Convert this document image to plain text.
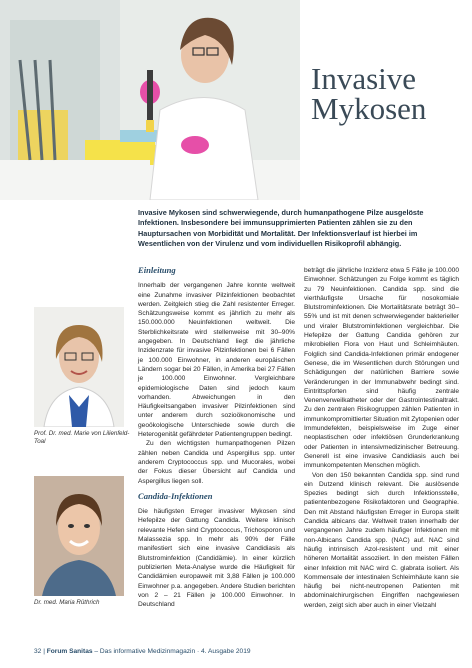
Invasive
Mykosen
Invasive Mykosen sind schwerwiegende, durch humanpathogene Pilze ausgelöste Infektionen. Insbesondere bei immunsupprimierten Patienten zählen sie zu den Hauptursachen von Morbidität und Mortalität. Der Infektionsverlauf ist hierbei im Wesentlichen von der Virulenz und vom individuellen Risikoprofil abhängig.
Prof. Dr. med. Marie von Lilienfeld-Toal
Dr. med. Maria Rüthrich
Einleitung

Innerhalb der vergangenen Jahre konnte weltweit eine Zunahme invasiver Pilzinfektionen beobachtet werden. Zeitgleich stieg die Zahl resistenter Erreger. Schätzungsweise kommt es jährlich zu mehr als 150.000.000 Neuinfektionen weltweit. Die Sterblichkeitsrate wird stellenweise mit 30–90% angegeben. In Deutschland liegt die jährliche Inzidenzrate für invasive Pilzinfektionen bei 6 Fällen je 100.000 Einwohner, in anderen europäischen Ländern sogar bei 20 Fällen, in Amerika bei 27 Fällen je 100.000 Einwohner. Vergleichbare epidemiologische Daten sind jedoch kaum vorhanden. Abweichungen in den Häufigkeitsangaben invasiver Pilzinfektionen sind unter anderem durch sozioökonomische und geoökologische Unterschiede sowie durch die Heterogenität gefährdeter Patientengruppen bedingt.

Zu den wichtigsten humanpathogenen Pilzen zählen neben Candida und Aspergillus spp. unter anderem Cryptococcus spp. und Mucorales, wobei der Fokus dieser Übersicht auf Candida und Aspergillus liegen soll.

Candida-Infektionen

Die häufigsten Erreger invasiver Mykosen sind Hefepilze der Gattung Candida. Weitere klinisch relevante Hefen sind Cryptococcus, Trichosporon und Malassezia spp. In mehr als 90% der Fälle manifestiert sich eine invasive Candidiasis als Blutstrominfektion (Candidämie). In einer kürzlich publizierten Meta-Analyse wurde die Häufigkeit für Candidämien europaweit mit 3,88 Fällen je 100.000 Einwohner p.a. angegeben. Andere Studien berichten von 2 – 21 Fällen je 100.000 Einwohner. In Deutschland

beträgt die jährliche Inzidenz etwa 5 Fälle je 100.000 Einwohner. Schätzungen zu Folge kommt es täglich zu 79 Neuinfektionen. Candida spp. sind die vierthäufigste Ursache für nosokomiale Blutstrominfektionen. Die Mortalitätsrate beträgt 30–55% und ist mit denen schwerwiegender bakterieller und viraler Blutstrominfektionen vergleichbar. Die Hefepilze der Gattung Candida gehören zur mikrobiellen Flora von Haut und Schleimhäuten. Folglich sind Candida-Infektionen primär endogener Genese, die im Wesentlichen durch Störungen und Schädigungen der natürlichen Barriere sowie Veränderungen in der Immunabwehr bedingt sind. Eintrittspforten sind häufig zentrale Venenverweilkatheter oder der Gastrointestinaltrakt. Zu den zentralen Risikogruppen zählen Patienten in immunkompromittierter Situation mit Zytopenien oder Immundefekten, beispielsweise im Zuge einer neoplastischen oder infektiösen Grunderkrankung oder Patienten in intensivmedizinischer Betreuung. Generell ist eine invasive Candidiasis auch bei immunkompetenten Menschen möglich.

Von den 150 bekannten Candida spp. sind rund ein Dutzend klinisch relevant. Die auslösende Spezies bedingt sich durch Infektionsstelle, patientenbezogene Risikofaktoren und Geographie. Den mit Abstand häufigsten Erreger in Europa stellt Candida albicans dar. Weltweit traten innerhalb der vergangenen Jahre zudem häufiger Infektionen mit non-Albicans Candida spp. (NAC) auf. NAC sind häufig intrinsisch Azol-resistent und mit einer höheren Mortalität assoziiert. In den meisten Fällen einer Infektion mit NAC wird C. glabrata isoliert. Als Kommensale der intestinalen Schleimhäute kann sie häufig bei nicht-neutropenen Patienten mit abdominalchirurgischen Eingriffen nachgewiesen werden, zeigt sich aber auch in einer Vielzahl

32 | Forum Sanitas – Das informative Medizinmagazin · 4. Ausgabe 2019
